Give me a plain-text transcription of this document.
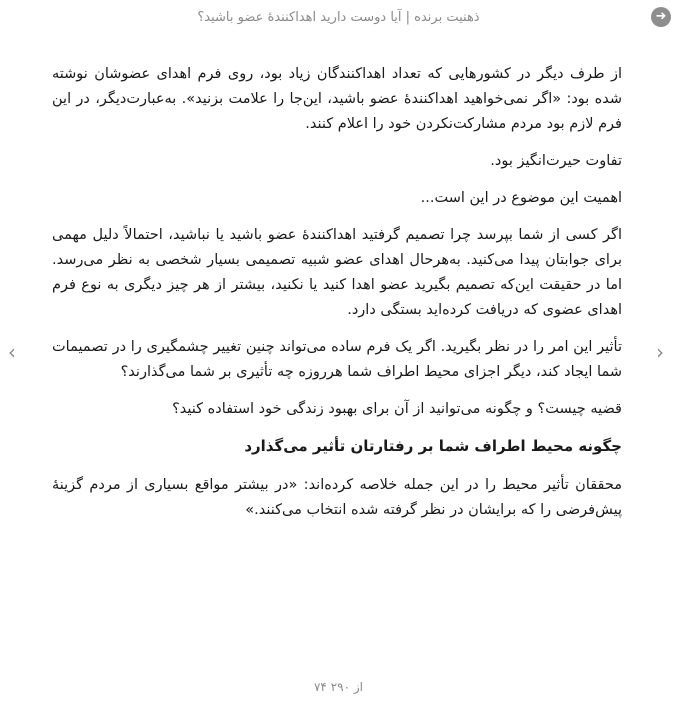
➜
ذهنیت برنده | آیا دوست دارید اهداکنندهٔ عضو باشید؟
‹	›

از طرف دیگر در کشورهایی که تعداد اهداکنندگان زیاد بود، روی فرم اهدای عضوشان نوشته شده بود: «اگر نمی‌خواهید اهداکنندهٔ عضو باشید، این‌جا را علامت بزنید». به‌عبارت‌دیگر، در این فرم لازم بود مردم مشارکت‌نکردن خود را اعلام کنند.

تفاوت حیرت‌انگیز بود.

اهمیت این موضوع در این است...

اگر کسی از شما بپرسد چرا تصمیم گرفتید اهداکنندهٔ عضو باشید یا نباشید، احتمالاً دلیل مهمی برای جوابتان پیدا می‌کنید. به‌هرحال اهدای عضو شبیه تصمیمی بسیار شخصی به نظر می‌رسد. اما در حقیقت این‌که تصمیم بگیرید عضو اهدا کنید یا نکنید، بیشتر از هر چیز دیگری به نوع فرم اهدای عضوی که دریافت کرده‌اید بستگی دارد.

تأثیر این امر را در نظر بگیرید. اگر یک فرم ساده می‌تواند چنین تغییر چشمگیری را در تصمیمات شما ایجاد کند، دیگر اجزای محیط اطراف شما هرروزه چه تأثیری بر شما می‌گذارند؟

قضیه چیست؟ و چگونه می‌توانید از آن برای بهبود زندگی خود استفاده کنید؟

چگونه محیط اطراف شما بر رفتارتان تأثیر می‌گذارد

محققان تأثیر محیط را در این جمله خلاصه کرده‌اند: «در بیشتر مواقع بسیاری از مردم گزینهٔ پیش‌فرضی را که برایشان در نظر گرفته شده انتخاب می‌کنند.»

۷۴ از ۲۹۰
